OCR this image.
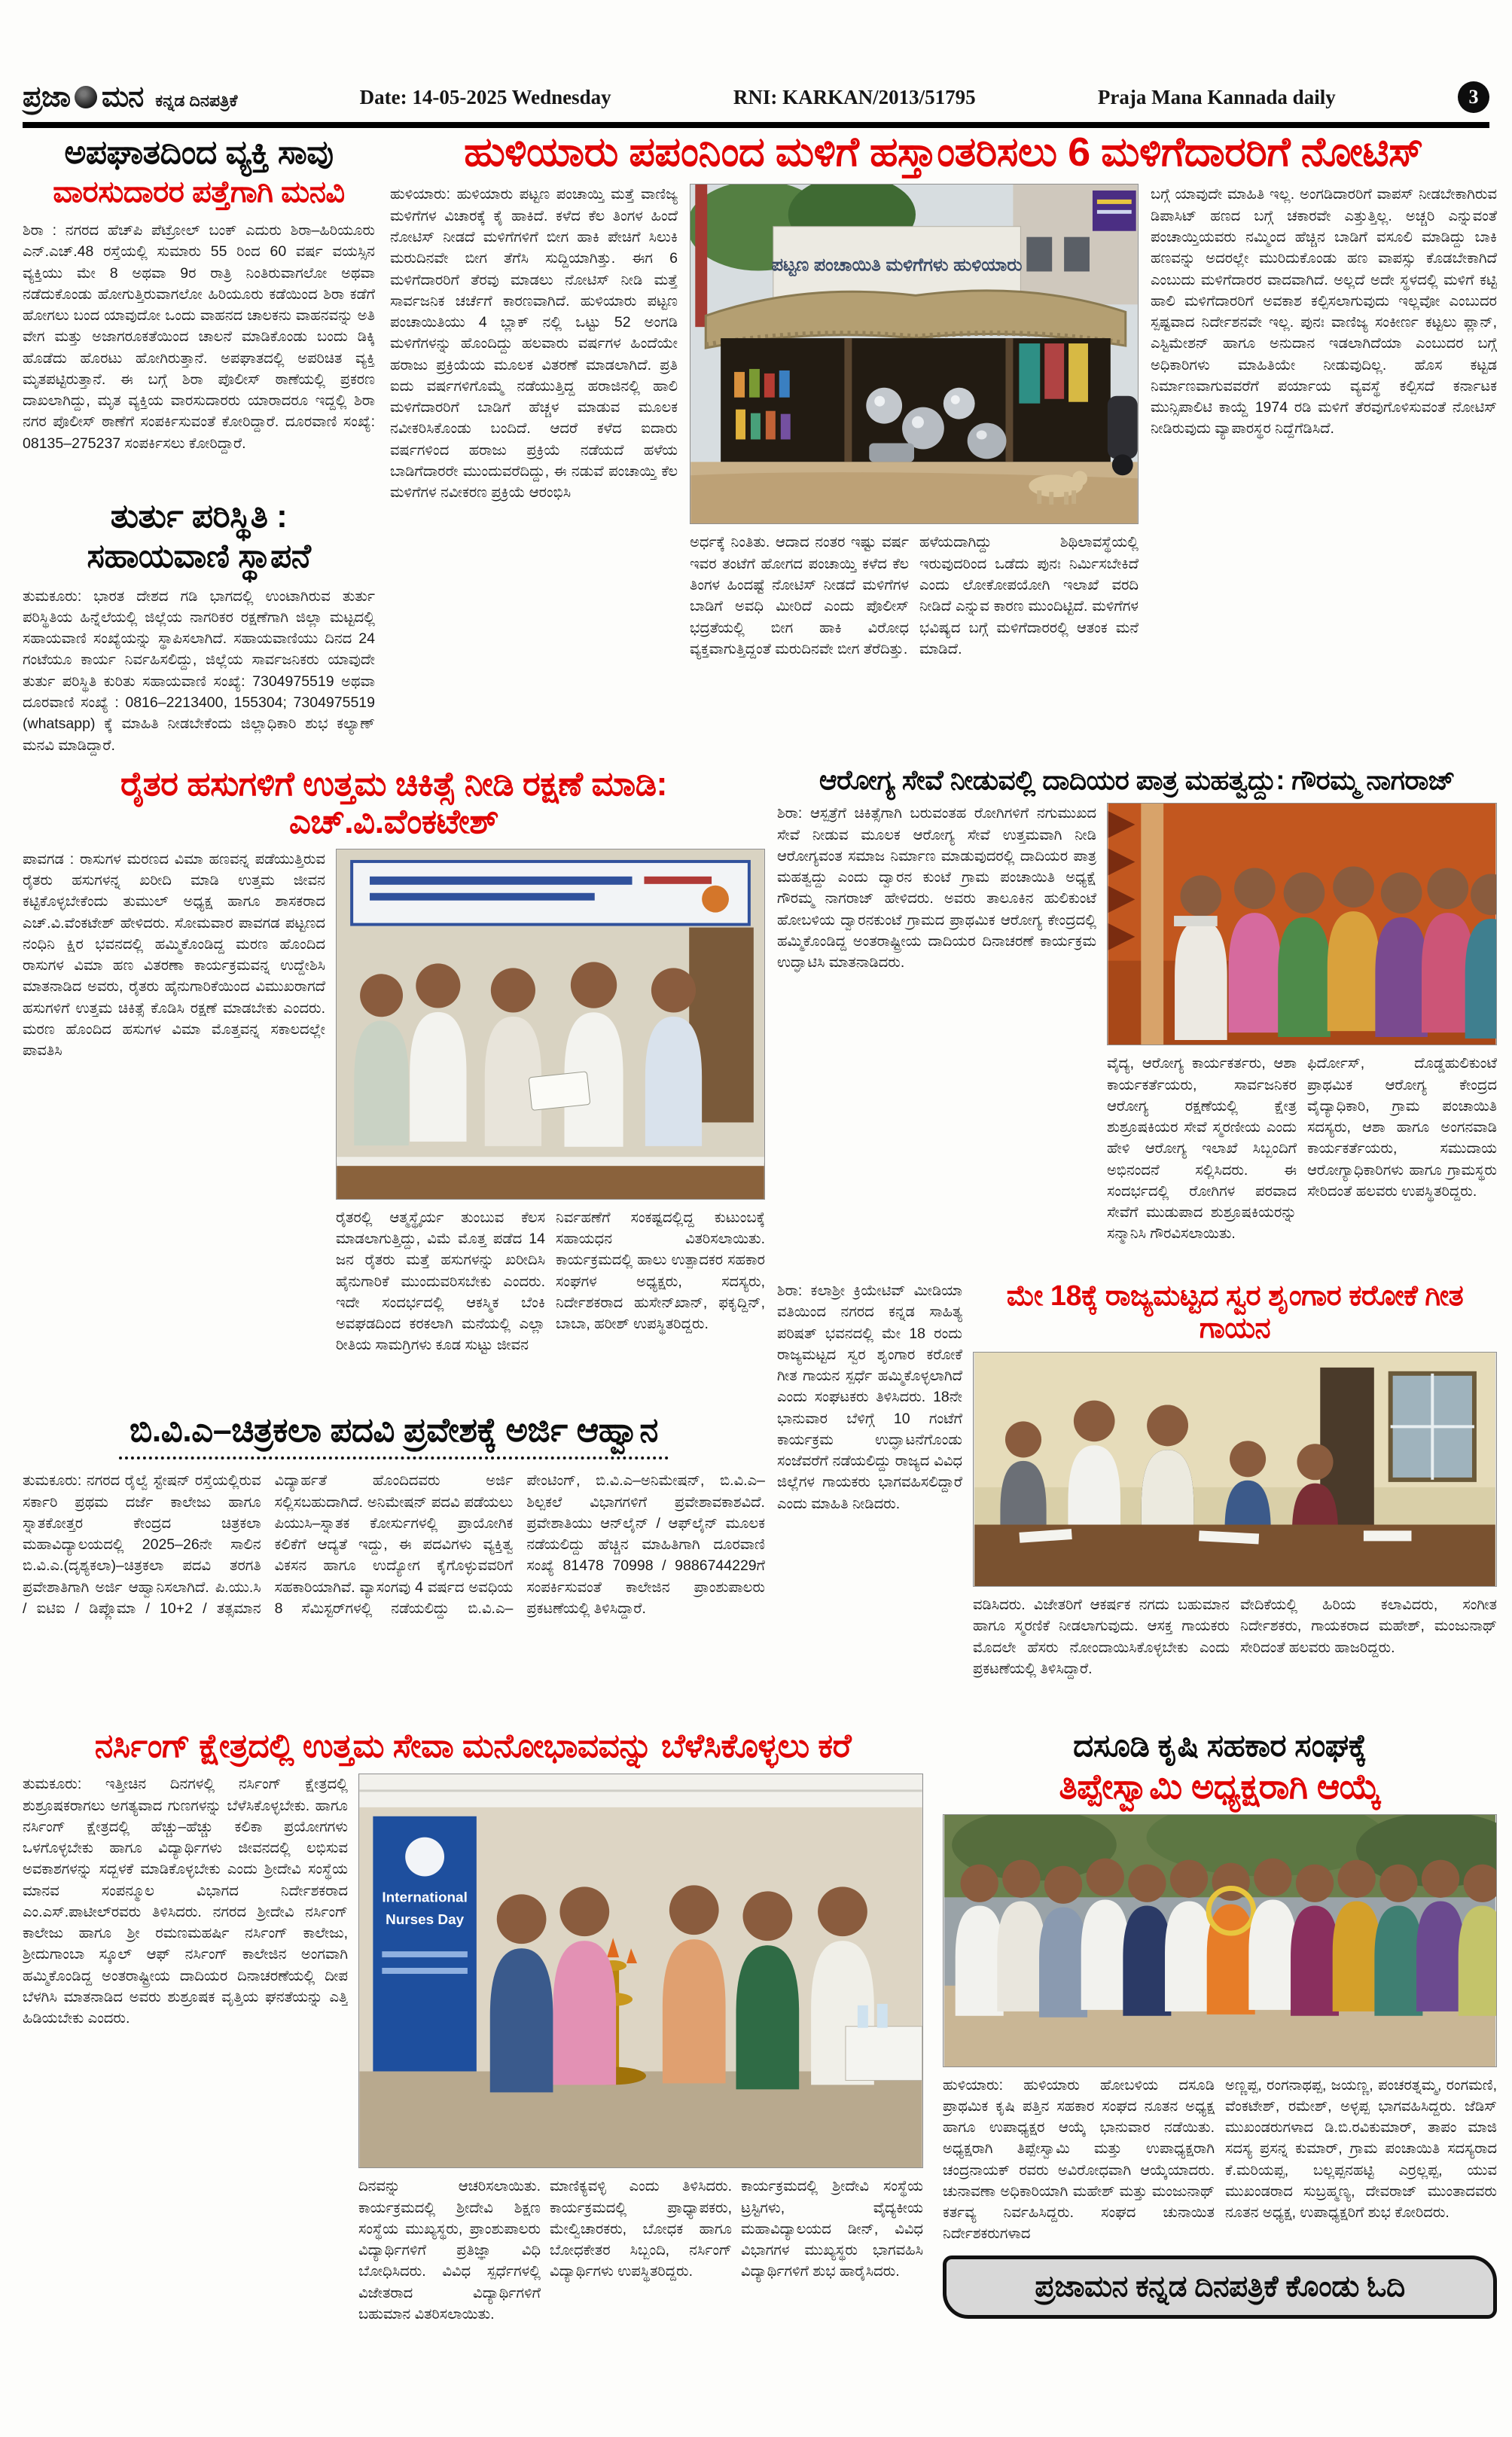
ಪ್ರಜಾ ಮನ ಕನ್ನಡ ದಿನಪತ್ರಿಕೆ	Date: 14-05-2025 Wednesday	RNI: KARKAN/2013/51795	Praja Mana Kannada daily	3
ಅಪಘಾತದಿಂದ ವ್ಯಕ್ತಿ ಸಾವು
ವಾರಸುದಾರರ ಪತ್ತೆಗಾಗಿ ಮನವಿ

ಶಿರಾ : ನಗರದ ಹೆಚ್‌ಪಿ ಪೆಟ್ರೋಲ್ ಬಂಕ್ ಎದುರು ಶಿರಾ–ಹಿರಿಯೂರು ಎನ್.ಎಚ್.48 ರಸ್ತೆಯಲ್ಲಿ ಸುಮಾರು 55 ರಿಂದ 60 ವರ್ಷ ವಯಸ್ಸಿನ ವ್ಯಕ್ತಿಯು ಮೇ 8 ಅಥವಾ 9ರ ರಾತ್ರಿ ನಿಂತಿರುವಾಗಲೋ ಅಥವಾ ನಡೆದುಕೊಂಡು ಹೋಗುತ್ತಿರುವಾಗಲೋ ಹಿರಿಯೂರು ಕಡೆಯಿಂದ ಶಿರಾ ಕಡೆಗೆ ಹೋಗಲು ಬಂದ ಯಾವುದೋ ಒಂದು ವಾಹನದ ಚಾಲಕನು ವಾಹನವನ್ನು ಅತಿ ವೇಗ ಮತ್ತು ಅಜಾಗರೂಕತೆಯಿಂದ ಚಾಲನೆ ಮಾಡಿಕೊಂಡು ಬಂದು ಡಿಕ್ಕಿ ಹೊಡೆದು ಹೊರಟು ಹೋಗಿರುತ್ತಾನೆ. ಅಪಘಾತದಲ್ಲಿ ಅಪರಿಚಿತ ವ್ಯಕ್ತಿ ಮೃತಪಟ್ಟಿರುತ್ತಾನೆ. ಈ ಬಗ್ಗೆ ಶಿರಾ ಪೊಲೀಸ್ ಠಾಣೆಯಲ್ಲಿ ಪ್ರಕರಣ ದಾಖಲಾಗಿದ್ದು, ಮೃತ ವ್ಯಕ್ತಿಯ ವಾರಸುದಾರರು ಯಾರಾದರೂ ಇದ್ದಲ್ಲಿ ಶಿರಾ ನಗರ ಪೊಲೀಸ್ ಠಾಣೆಗೆ ಸಂಪರ್ಕಿಸುವಂತೆ ಕೋರಿದ್ದಾರೆ. ದೂರವಾಣಿ ಸಂಖ್ಯೆ: 08135–275237 ಸಂಪರ್ಕಿಸಲು ಕೋರಿದ್ದಾರೆ.

ತುರ್ತು ಪರಿಸ್ಥಿತಿ :
ಸಹಾಯವಾಣಿ ಸ್ಥಾಪನೆ

ತುಮಕೂರು: ಭಾರತ ದೇಶದ ಗಡಿ ಭಾಗದಲ್ಲಿ ಉಂಟಾಗಿರುವ ತುರ್ತು ಪರಿಸ್ಥಿತಿಯ ಹಿನ್ನೆಲೆಯಲ್ಲಿ ಜಿಲ್ಲೆಯ ನಾಗರಿಕರ ರಕ್ಷಣೆಗಾಗಿ ಜಿಲ್ಲಾ ಮಟ್ಟದಲ್ಲಿ ಸಹಾಯವಾಣಿ ಸಂಖ್ಯೆಯನ್ನು ಸ್ಥಾಪಿಸಲಾಗಿದೆ. ಸಹಾಯವಾಣಿಯು ದಿನದ 24 ಗಂಟೆಯೂ ಕಾರ್ಯ ನಿರ್ವಹಿಸಲಿದ್ದು, ಜಿಲ್ಲೆಯ ಸಾರ್ವಜನಿಕರು ಯಾವುದೇ ತುರ್ತು ಪರಿಸ್ಥಿತಿ ಕುರಿತು ಸಹಾಯವಾಣಿ ಸಂಖ್ಯೆ: 7304975519 ಅಥವಾ ದೂರವಾಣಿ ಸಂಖ್ಯೆ : 0816–2213400, 155304; 7304975519 (whatsapp) ಕ್ಕೆ ಮಾಹಿತಿ ನೀಡಬೇಕೆಂದು ಜಿಲ್ಲಾಧಿಕಾರಿ ಶುಭ ಕಲ್ಯಾಣ್ ಮನವಿ ಮಾಡಿದ್ದಾರೆ.

ಹುಳಿಯಾರು ಪಪಂನಿಂದ ಮಳಿಗೆ ಹಸ್ತಾಂತರಿಸಲು 6 ಮಳಿಗೆದಾರರಿಗೆ ನೋಟಿಸ್

ಹುಳಿಯಾರು: ಹುಳಿಯಾರು ಪಟ್ಟಣ ಪಂಚಾಯ್ತಿ ಮತ್ತೆ ವಾಣಿಜ್ಯ ಮಳಿಗೆಗಳ ವಿಚಾರಕ್ಕೆ ಕೈ ಹಾಕಿದೆ. ಕಳೆದ ಕೆಲ ತಿಂಗಳ ಹಿಂದೆ ನೋಟಿಸ್ ನೀಡದೆ ಮಳಿಗೆಗಳಿಗೆ ಬೀಗ ಹಾಕಿ ಪೇಚಿಗೆ ಸಿಲುಕಿ ಮರುದಿನವೇ ಬೀಗ ತೆಗೆಸಿ ಸುದ್ದಿಯಾಗಿತ್ತು. ಈಗ 6 ಮಳಿಗೆದಾರರಿಗೆ ತೆರವು ಮಾಡಲು ನೋಟಿಸ್ ನೀಡಿ ಮತ್ತೆ ಸಾರ್ವಜನಿಕ ಚರ್ಚೆಗೆ ಕಾರಣವಾಗಿದೆ. ಹುಳಿಯಾರು ಪಟ್ಟಣ ಪಂಚಾಯಿತಿಯು 4 ಬ್ಲಾಕ್ ನಲ್ಲಿ ಒಟ್ಟು 52 ಅಂಗಡಿ ಮಳಿಗೆಗಳನ್ನು ಹೊಂದಿದ್ದು ಹಲವಾರು ವರ್ಷಗಳ ಹಿಂದೆಯೇ ಹರಾಜು ಪ್ರಕ್ರಿಯೆಯ ಮೂಲಕ ವಿತರಣೆ ಮಾಡಲಾಗಿದೆ. ಪ್ರತಿ ಐದು ವರ್ಷಗಳಿಗೊಮ್ಮೆ ನಡೆಯುತ್ತಿದ್ದ ಹರಾಜಿನಲ್ಲಿ ಹಾಲಿ ಮಳಿಗೆದಾರರಿಗೆ ಬಾಡಿಗೆ ಹೆಚ್ಚಳ ಮಾಡುವ ಮೂಲಕ ನವೀಕರಿಸಿಕೊಂಡು ಬಂದಿದೆ. ಆದರೆ ಕಳೆದ ಐದಾರು ವರ್ಷಗಳಿಂದ ಹರಾಜು ಪ್ರಕ್ರಿಯೆ ನಡೆಯದೆ ಹಳೆಯ ಬಾಡಿಗೆದಾರರೇ ಮುಂದುವರೆದಿದ್ದು, ಈ ನಡುವೆ ಪಂಚಾಯ್ತಿ ಕೆಲ ಮಳಿಗೆಗಳ ನವೀಕರಣ ಪ್ರಕ್ರಿಯೆ ಆರಂಭಿಸಿ

ಪಟ್ಟಣ ಪಂಚಾಯಿತಿ ಮಳಿಗೆಗಳು ಹುಳಿಯಾರು

ಅರ್ಧಕ್ಕೆ ನಿಂತಿತು. ಆದಾದ ನಂತರ ಇಷ್ಟು ವರ್ಷ ಇವರ ತಂಟೆಗೆ ಹೋಗದ ಪಂಚಾಯ್ತಿ ಕಳೆದ ಕೆಲ ತಿಂಗಳ ಹಿಂದಷ್ಟೆ ನೋಟಿಸ್ ನೀಡದೆ ಮಳಿಗೆಗಳ ಬಾಡಿಗೆ ಅವಧಿ ಮೀರಿದೆ ಎಂದು ಪೊಲೀಸ್ ಭದ್ರತೆಯಲ್ಲಿ ಬೀಗ ಹಾಕಿ ವಿರೋಧ ವ್ಯಕ್ತವಾಗುತ್ತಿದ್ದಂತೆ ಮರುದಿನವೇ ಬೀಗ ತೆರೆದಿತ್ತು.

ಹಳೆಯದಾಗಿದ್ದು ಶಿಥಿಲಾವಸ್ಥೆಯಲ್ಲಿ ಇರುವುದರಿಂದ ಒಡೆದು ಪುನಃ ನಿರ್ಮಿಸಬೇಕಿದೆ ಎಂದು ಲೋಕೋಪಯೋಗಿ ಇಲಾಖೆ ವರದಿ ನೀಡಿದೆ ಎನ್ನುವ ಕಾರಣ ಮುಂದಿಟ್ಟಿದೆ. ಮಳಿಗೆಗಳ ಭವಿಷ್ಯದ ಬಗ್ಗೆ ಮಳಿಗೆದಾರರಲ್ಲಿ ಆತಂಕ ಮನೆ ಮಾಡಿದೆ.

ಬಗ್ಗೆ ಯಾವುದೇ ಮಾಹಿತಿ ಇಲ್ಲ. ಅಂಗಡಿದಾರರಿಗೆ ವಾಪಸ್ ನೀಡಬೇಕಾಗಿರುವ ಡಿಪಾಸಿಟ್ ಹಣದ ಬಗ್ಗೆ ಚಕಾರವೇ ಎತ್ತುತ್ತಿಲ್ಲ. ಅಚ್ಚರಿ ಎನ್ನುವಂತೆ ಪಂಚಾಯ್ತಿಯವರು ನಮ್ಮಿಂದ ಹೆಚ್ಚಿನ ಬಾಡಿಗೆ ವಸೂಲಿ ಮಾಡಿದ್ದು ಬಾಕಿ ಹಣವನ್ನು ಅದರಲ್ಲೇ ಮುರಿದುಕೊಂಡು ಹಣ ವಾಪಸ್ಸು ಕೊಡಬೇಕಾಗಿದೆ ಎಂಬುದು ಮಳಿಗೆದಾರರ ವಾದವಾಗಿದೆ. ಅಲ್ಲದೆ ಅದೇ ಸ್ಥಳದಲ್ಲಿ ಮಳಿಗೆ ಕಟ್ಟಿ ಹಾಲಿ ಮಳಿಗೆದಾರರಿಗೆ ಅವಕಾಶ ಕಲ್ಪಿಸಲಾಗುವುದು ಇಲ್ಲವೋ ಎಂಬುದರ ಸ್ಪಷ್ಟವಾದ ನಿರ್ದೇಶನವೇ ಇಲ್ಲ. ಪುನಃ ವಾಣಿಜ್ಯ ಸಂಕೀರ್ಣ ಕಟ್ಟಲು ಪ್ಲಾನ್, ಎಸ್ಟಿಮೇಶನ್ ಹಾಗೂ ಅನುದಾನ ಇಡಲಾಗಿದೆಯಾ ಎಂಬುದರ ಬಗ್ಗೆ ಅಧಿಕಾರಿಗಳು ಮಾಹಿತಿಯೇ ನೀಡುವುದಿಲ್ಲ. ಹೊಸ ಕಟ್ಟಡ ನಿರ್ಮಾಣವಾಗುವವರೆಗೆ ಪರ್ಯಾಯ ವ್ಯವಸ್ಥೆ ಕಲ್ಪಿಸದೆ ಕರ್ನಾಟಕ ಮುನ್ಸಿಪಾಲಿಟಿ ಕಾಯ್ದೆ 1974 ರಡಿ ಮಳಿಗೆ ತೆರವುಗೊಳಿಸುವಂತೆ ನೋಟಿಸ್ ನೀಡಿರುವುದು ವ್ಯಾಪಾರಸ್ಥರ ನಿದ್ದೆಗೆಡಿಸಿದೆ.

ರೈತರ ಹಸುಗಳಿಗೆ ಉತ್ತಮ ಚಿಕಿತ್ಸೆ ನೀಡಿ ರಕ್ಷಣೆ ಮಾಡಿ: ಎಚ್.ವಿ.ವೆಂಕಟೇಶ್

ಪಾವಗಡ : ರಾಸುಗಳ ಮರಣದ ವಿಮಾ ಹಣವನ್ನ ಪಡೆಯುತ್ತಿರುವ ರೈತರು ಹಸುಗಳನ್ನ ಖರೀದಿ ಮಾಡಿ ಉತ್ತಮ ಜೀವನ ಕಟ್ಟಿಕೊಳ್ಳಬೇಕೆಂದು ತುಮುಲ್ ಅಧ್ಯಕ್ಷ ಹಾಗೂ ಶಾಸಕರಾದ ಎಚ್.ವಿ.ವೆಂಕಟೇಶ್ ಹೇಳಿದರು. ಸೋಮವಾರ ಪಾವಗಡ ಪಟ್ಟಣದ ನಂಧಿನಿ ಕ್ಷಿರ ಭವನದಲ್ಲಿ ಹಮ್ಮಿಕೊಂಡಿದ್ದ ಮರಣ ಹೊಂದಿದ ರಾಸುಗಳ ವಿಮಾ ಹಣ ವಿತರಣಾ ಕಾರ್ಯಕ್ರಮವನ್ನ ಉದ್ದೇಶಿಸಿ ಮಾತನಾಡಿದ ಅವರು, ರೈತರು ಹೈನುಗಾರಿಕೆಯಿಂದ ವಿಮುಖರಾಗದೆ ಹಸುಗಳಿಗೆ ಉತ್ತಮ ಚಿಕಿತ್ಸೆ ಕೊಡಿಸಿ ರಕ್ಷಣೆ ಮಾಡಬೇಕು ಎಂದರು. ಮರಣ ಹೊಂದಿದ ಹಸುಗಳ ವಿಮಾ ಮೊತ್ತವನ್ನ ಸಕಾಲದಲ್ಲೇ ಪಾವತಿಸಿ

ರೈತರಲ್ಲಿ ಆತ್ಮಸ್ಥೈರ್ಯ ತುಂಬುವ ಕೆಲಸ ಮಾಡಲಾಗುತ್ತಿದ್ದು, ವಿಮೆ ಮೊತ್ತ ಪಡೆದ 14 ಜನ ರೈತರು ಮತ್ತೆ ಹಸುಗಳನ್ನು ಖರೀದಿಸಿ ಹೈನುಗಾರಿಕೆ ಮುಂದುವರಿಸಬೇಕು ಎಂದರು. ಇದೇ ಸಂದರ್ಭದಲ್ಲಿ ಆಕಸ್ಮಿಕ ಬೆಂಕಿ ಅವಘಡದಿಂದ ಕರಕಲಾಗಿ ಮನೆಯಲ್ಲಿ ಎಲ್ಲಾ ರೀತಿಯ ಸಾಮಗ್ರಿಗಳು ಕೂಡ ಸುಟ್ಟು ಜೀವನ

ನಿರ್ವಹಣೆಗೆ ಸಂಕಷ್ಟದಲ್ಲಿದ್ದ ಕುಟುಂಬಕ್ಕೆ ಸಹಾಯಧನ ವಿತರಿಸಲಾಯಿತು. ಕಾರ್ಯಕ್ರಮದಲ್ಲಿ ಹಾಲು ಉತ್ಪಾದಕರ ಸಹಕಾರ ಸಂಘಗಳ ಅಧ್ಯಕ್ಷರು, ಸದಸ್ಯರು, ನಿರ್ದೇಶಕರಾದ ಹುಸೇನ್‌ಖಾನ್, ಫಕೃದ್ದಿನ್, ಬಾಬಾ, ಹರೀಶ್ ಉಪಸ್ಥಿತರಿದ್ದರು.

ಆರೋಗ್ಯ ಸೇವೆ ನೀಡುವಲ್ಲಿ ದಾದಿಯರ ಪಾತ್ರ ಮಹತ್ವದ್ದು: ಗೌರ‍ಮ್ಮ ನಾಗರಾಜ್

ಶಿರಾ: ಆಸ್ಪತ್ರೆಗೆ ಚಿಕಿತ್ಸೆಗಾಗಿ ಬರುವಂತಹ ರೋಗಿಗಳಿಗೆ ನಗುಮುಖದ ಸೇವೆ ನೀಡುವ ಮೂಲಕ ಆರೋಗ್ಯ ಸೇವೆ ಉತ್ತಮವಾಗಿ ನೀಡಿ ಆರೋಗ್ಯವಂತ ಸಮಾಜ ನಿರ್ಮಾಣ ಮಾಡುವುದರಲ್ಲಿ ದಾದಿಯರ ಪಾತ್ರ ಮಹತ್ವದ್ದು ಎಂದು ದ್ವಾರನ ಕುಂಟೆ ಗ್ರಾಮ ಪಂಚಾಯಿತಿ ಅಧ್ಯಕ್ಷೆ ಗೌರ‍ಮ್ಮ ನಾಗರಾಜ್ ಹೇಳಿದರು. ಅವರು ತಾಲೂಕಿನ ಹುಲಿಕುಂಟೆ ಹೋಬಳಿಯ ದ್ವಾರನಕುಂಟೆ ಗ್ರಾಮದ ಪ್ರಾಥಮಿಕ ಆರೋಗ್ಯ ಕೇಂದ್ರದಲ್ಲಿ ಹಮ್ಮಿಕೊಂಡಿದ್ದ ಅಂತರಾಷ್ಟ್ರೀಯ ದಾದಿಯರ ದಿನಾಚರಣೆ ಕಾರ್ಯಕ್ರಮ ಉದ್ಘಾಟಿಸಿ ಮಾತನಾಡಿದರು.

ವೈದ್ಯ, ಆರೋಗ್ಯ ಕಾರ್ಯಕರ್ತರು, ಆಶಾ ಕಾರ್ಯಕರ್ತೆಯರು, ಸಾರ್ವಜನಿಕರ ಆರೋಗ್ಯ ರಕ್ಷಣೆಯಲ್ಲಿ ಕ್ಷೇತ್ರ ಶುಶ್ರೂಷಕಿಯರ ಸೇವೆ ಸ್ಮರಣೀಯ ಎಂದು ಹೇಳಿ ಆರೋಗ್ಯ ಇಲಾಖೆ ಸಿಬ್ಬಂದಿಗೆ ಅಭಿನಂದನೆ ಸಲ್ಲಿಸಿದರು. ಈ ಸಂದರ್ಭದಲ್ಲಿ ರೋಗಿಗಳ ಪರವಾದ ಸೇವೆಗೆ ಮುಡುಪಾದ ಶುಶ್ರೂಷಕಿಯರನ್ನು ಸನ್ಮಾನಿಸಿ ಗೌರವಿಸಲಾಯಿತು.

ಫಿರ್ದೋಸ್, ದೊಡ್ಡಹುಲಿಕುಂಟೆ ಪ್ರಾಥಮಿಕ ಆರೋಗ್ಯ ಕೇಂದ್ರದ ವೈದ್ಯಾಧಿಕಾರಿ, ಗ್ರಾಮ ಪಂಚಾಯಿತಿ ಸದಸ್ಯರು, ಆಶಾ ಹಾಗೂ ಅಂಗನವಾಡಿ ಕಾರ್ಯಕರ್ತೆಯರು, ಸಮುದಾಯ ಆರೋಗ್ಯಾಧಿಕಾರಿಗಳು ಹಾಗೂ ಗ್ರಾಮಸ್ಥರು ಸೇರಿದಂತೆ ಹಲವರು ಉಪಸ್ಥಿತರಿದ್ದರು.

ಶಿರಾ: ಕಲಾಶ್ರೀ ಕ್ರಿಯೇಟಿವ್ ಮೀಡಿಯಾ ವತಿಯಿಂದ ನಗರದ ಕನ್ನಡ ಸಾಹಿತ್ಯ ಪರಿಷತ್ ಭವನದಲ್ಲಿ ಮೇ 18 ರಂದು ರಾಜ್ಯಮಟ್ಟದ ಸ್ವರ ಶೃಂಗಾರ ಕರೋಕೆ ಗೀತ ಗಾಯನ ಸ್ಪರ್ಧೆ ಹಮ್ಮಿಕೊಳ್ಳಲಾಗಿದೆ ಎಂದು ಸಂಘಟಕರು ತಿಳಿಸಿದರು. 18ನೇ ಭಾನುವಾರ ಬೆಳಿಗ್ಗೆ 10 ಗಂಟೆಗೆ ಕಾರ್ಯಕ್ರಮ ಉದ್ಘಾಟನೆಗೊಂಡು ಸಂಜೆವರೆಗೆ ನಡೆಯಲಿದ್ದು ರಾಜ್ಯದ ವಿವಿಧ ಜಿಲ್ಲೆಗಳ ಗಾಯಕರು ಭಾಗವಹಿಸಲಿದ್ದಾರೆ ಎಂದು ಮಾಹಿತಿ ನೀಡಿದರು.

ಮೇ 18ಕ್ಕೆ ರಾಜ್ಯಮಟ್ಟದ ಸ್ವರ ಶೃಂಗಾರ ಕರೋಕೆ ಗೀತ ಗಾಯನ

ವಡಿಸಿದರು. ವಿಜೇತರಿಗೆ ಆಕರ್ಷಕ ನಗದು ಬಹುಮಾನ ಹಾಗೂ ಸ್ಮರಣಿಕೆ ನೀಡಲಾಗುವುದು. ಆಸಕ್ತ ಗಾಯಕರು ಮೊದಲೇ ಹೆಸರು ನೋಂದಾಯಿಸಿಕೊಳ್ಳಬೇಕು ಎಂದು ಪ್ರಕಟಣೆಯಲ್ಲಿ ತಿಳಿಸಿದ್ದಾರೆ.

ವೇದಿಕೆಯಲ್ಲಿ ಹಿರಿಯ ಕಲಾವಿದರು, ಸಂಗೀತ ನಿರ್ದೇಶಕರು, ಗಾಯಕರಾದ ಮಹೇಶ್, ಮಂಜುನಾಥ್ ಸೇರಿದಂತೆ ಹಲವರು ಹಾಜರಿದ್ದರು.

ಬಿ.ವಿ.ಎ–ಚಿತ್ರಕಲಾ ಪದವಿ ಪ್ರವೇಶಕ್ಕೆ ಅರ್ಜಿ ಆಹ್ವಾನ

ತುಮಕೂರು: ನಗರದ ರೈಲ್ವೆ ಸ್ಟೇಷನ್ ರಸ್ತೆಯಲ್ಲಿರುವ ಸರ್ಕಾರಿ ಪ್ರಥಮ ದರ್ಜೆ ಕಾಲೇಜು ಹಾಗೂ ಸ್ನಾತಕೋತ್ತರ ಕೇಂದ್ರದ ಚಿತ್ರಕಲಾ ಮಹಾವಿದ್ಯಾಲಯದಲ್ಲಿ 2025–26ನೇ ಸಾಲಿನ ಬಿ.ವಿ.ಎ.(ದೃಶ್ಯಕಲಾ)–ಚಿತ್ರಕಲಾ ಪದವಿ ತರಗತಿ ಪ್ರವೇಶಾತಿಗಾಗಿ ಅರ್ಜಿ ಆಹ್ವಾನಿಸಲಾಗಿದೆ. ಪಿ.ಯು.ಸಿ / ಐಟಿಐ / ಡಿಪ್ಲೊಮಾ / 10+2 / ತತ್ಸಮಾನ ವಿದ್ಯಾರ್ಹತೆ ಹೊಂದಿದವರು ಅರ್ಜಿ ಸಲ್ಲಿಸಬಹುದಾಗಿದೆ. ಅನಿಮೇಷನ್ ಪದವಿ ಪಡೆಯಲು ಪಿಯುಸಿ–ಸ್ನಾತಕ ಕೋರ್ಸುಗಳಲ್ಲಿ ಪ್ರಾಯೋಗಿಕ ಕಲಿಕೆಗೆ ಆದ್ಯತೆ ಇದ್ದು, ಈ ಪದವಿಗಳು ವ್ಯಕ್ತಿತ್ವ ವಿಕಸನ ಹಾಗೂ ಉದ್ಯೋಗ ಕೈಗೊಳ್ಳುವವರಿಗೆ ಸಹಕಾರಿಯಾಗಿವೆ. ವ್ಯಾಸಂಗವು 4 ವರ್ಷದ ಅವಧಿಯ 8 ಸೆಮಿಸ್ಟರ್‌ಗಳಲ್ಲಿ ನಡೆಯಲಿದ್ದು ಬಿ.ವಿ.ಎ–ಪೇಂಟಿಂಗ್, ಬಿ.ವಿ.ಎ–ಅನಿಮೇಷನ್, ಬಿ.ವಿ.ಎ–ಶಿಲ್ಪಕಲೆ ವಿಭಾಗಗಳಿಗೆ ಪ್ರವೇಶಾವಕಾಶವಿದೆ. ಪ್ರವೇಶಾತಿಯು ಆನ್‌ಲೈನ್ / ಆಫ್‌ಲೈನ್ ಮೂಲಕ ನಡೆಯಲಿದ್ದು ಹೆಚ್ಚಿನ ಮಾಹಿತಿಗಾಗಿ ದೂರವಾಣಿ ಸಂಖ್ಯೆ 81478 70998 / 9886744229ಗೆ ಸಂಪರ್ಕಿಸುವಂತೆ ಕಾಲೇಜಿನ ಪ್ರಾಂಶುಪಾಲರು ಪ್ರಕಟಣೆಯಲ್ಲಿ ತಿಳಿಸಿದ್ದಾರೆ.

ನರ್ಸಿಂಗ್ ಕ್ಷೇತ್ರದಲ್ಲಿ ಉತ್ತಮ ಸೇವಾ ಮನೋಭಾವವನ್ನು ಬೆಳೆಸಿಕೊಳ್ಳಲು ಕರೆ

ತುಮಕೂರು: ಇತ್ತೀಚಿನ ದಿನಗಳಲ್ಲಿ ನರ್ಸಿಂಗ್ ಕ್ಷೇತ್ರದಲ್ಲಿ ಶುಶ್ರೂಷಕರಾಗಲು ಅಗತ್ಯವಾದ ಗುಣಗಳನ್ನು ಬೆಳೆಸಿಕೊಳ್ಳಬೇಕು. ಹಾಗೂ ನರ್ಸಿಂಗ್ ಕ್ಷೇತ್ರದಲ್ಲಿ ಹೆಚ್ಚು–ಹೆಚ್ಚು ಕಲಿಕಾ ಪ್ರಯೋಗಗಳು ಒಳಗೊಳ್ಳಬೇಕು ಹಾಗೂ ವಿದ್ಯಾರ್ಥಿಗಳು ಜೀವನದಲ್ಲಿ ಲಭಿಸುವ ಅವಕಾಶಗಳನ್ನು ಸದ್ಬಳಕೆ ಮಾಡಿಕೊಳ್ಳಬೇಕು ಎಂದು ಶ್ರೀದೇವಿ ಸಂಸ್ಥೆಯ ಮಾನವ ಸಂಪನ್ಮೂಲ ವಿಭಾಗದ ನಿರ್ದೇಶಕರಾದ ಎಂ.ಎಸ್.ಪಾಟೀಲ್‌ರವರು ತಿಳಿಸಿದರು. ನಗರದ ಶ್ರೀದೇವಿ ನರ್ಸಿಂಗ್ ಕಾಲೇಜು ಹಾಗೂ ಶ್ರೀ ರಮಣಮಹರ್ಷಿ ನರ್ಸಿಂಗ್ ಕಾಲೇಜು, ಶ್ರೀದುಗಾಂಬಾ ಸ್ಕೂಲ್ ಆಫ್ ನರ್ಸಿಂಗ್ ಕಾಲೇಜಿನ ಅಂಗವಾಗಿ ಹಮ್ಮಿಕೊಂಡಿದ್ದ ಅಂತರಾಷ್ಟ್ರೀಯ ದಾದಿಯರ ದಿನಾಚರಣೆಯಲ್ಲಿ ದೀಪ ಬೆಳಗಿಸಿ ಮಾತನಾಡಿದ ಅವರು ಶುಶ್ರೂಷಕ ವೃತ್ತಿಯ ಘನತೆಯನ್ನು ಎತ್ತಿ ಹಿಡಿಯಬೇಕು ಎಂದರು.

International
Nurses Day

ದಿನವನ್ನು ಆಚರಿಸಲಾಯಿತು. ಕಾರ್ಯಕ್ರಮದಲ್ಲಿ ಶ್ರೀದೇವಿ ಶಿಕ್ಷಣ ಸಂಸ್ಥೆಯ ಮುಖ್ಯಸ್ಥರು, ಪ್ರಾಂಶುಪಾಲರು ವಿದ್ಯಾರ್ಥಿಗಳಿಗೆ ಪ್ರತಿಜ್ಞಾ ವಿಧಿ ಬೋಧಿಸಿದರು. ವಿವಿಧ ಸ್ಪರ್ಧೆಗಳಲ್ಲಿ ವಿಜೇತರಾದ ವಿದ್ಯಾರ್ಥಿಗಳಿಗೆ ಬಹುಮಾನ ವಿತರಿಸಲಾಯಿತು.

ಮಾಣಿಕ್ಯವಳ್ಳಿ ಎಂದು ತಿಳಿಸಿದರು. ಕಾರ್ಯಕ್ರಮದಲ್ಲಿ ಪ್ರಾಧ್ಯಾಪಕರು, ಮೇಲ್ವಿಚಾರಕರು, ಬೋಧಕ ಹಾಗೂ ಬೋಧಕೇತರ ಸಿಬ್ಬಂದಿ, ನರ್ಸಿಂಗ್ ವಿದ್ಯಾರ್ಥಿಗಳು ಉಪಸ್ಥಿತರಿದ್ದರು.

ಕಾರ್ಯಕ್ರಮದಲ್ಲಿ ಶ್ರೀದೇವಿ ಸಂಸ್ಥೆಯ ಟ್ರಸ್ಟಿಗಳು, ವೈದ್ಯಕೀಯ ಮಹಾವಿದ್ಯಾಲಯದ ಡೀನ್, ವಿವಿಧ ವಿಭಾಗಗಳ ಮುಖ್ಯಸ್ಥರು ಭಾಗವಹಿಸಿ ವಿದ್ಯಾರ್ಥಿಗಳಿಗೆ ಶುಭ ಹಾರೈಸಿದರು.

ದಸೂಡಿ ಕೃಷಿ ಸಹಕಾರ ಸಂಘಕ್ಕೆ
ತಿಪ್ಪೇಸ್ವಾಮಿ ಅಧ್ಯಕ್ಷರಾಗಿ ಆಯ್ಕೆ

ಹುಳಿಯಾರು: ಹುಳಿಯಾರು ಹೋಬಳಿಯ ದಸೂಡಿ ಪ್ರಾಥಮಿಕ ಕೃಷಿ ಪತ್ತಿನ ಸಹಕಾರ ಸಂಘದ ನೂತನ ಅಧ್ಯಕ್ಷ ಹಾಗೂ ಉಪಾಧ್ಯಕ್ಷರ ಆಯ್ಕೆ ಭಾನುವಾರ ನಡೆಯಿತು. ಅಧ್ಯಕ್ಷರಾಗಿ ತಿಪ್ಪೇಸ್ವಾಮಿ ಮತ್ತು ಉಪಾಧ್ಯಕ್ಷರಾಗಿ ಚಂದ್ರನಾಯಕ್ ರವರು ಅವಿರೋಧವಾಗಿ ಆಯ್ಕೆಯಾದರು. ಚುನಾವಣಾ ಅಧಿಕಾರಿಯಾಗಿ ಮಹೇಶ್ ಮತ್ತು ಮಂಜುನಾಥ್ ಕರ್ತವ್ಯ ನಿರ್ವಹಿಸಿದ್ದರು. ಸಂಘದ ಚುನಾಯಿತ ನಿರ್ದೇಶಕರುಗಳಾದ

ಅಣ್ಣಪ್ಪ, ರಂಗನಾಥಪ್ಪ, ಜಯಣ್ಣ, ಪಂಚರತ್ನಮ್ಮ, ರಂಗಮಣಿ, ವೆಂಕಟೇಶ್, ರಮೇಶ್, ಅಳ್ಳಪ್ಪ ಭಾಗವಹಿಸಿದ್ದರು. ಜೆಡಿಸ್ ಮುಖಂಡರುಗಳಾದ ಡಿ.ಬಿ.ರವಿಕುಮಾರ್, ತಾಪಂ ಮಾಜಿ ಸದಸ್ಯ ಪ್ರಸನ್ನ ಕುಮಾರ್, ಗ್ರಾಮ ಪಂಚಾಯಿತಿ ಸದಸ್ಯರಾದ ಕೆ.ಮರಿಯಪ್ಪ, ಬಲ್ಲಪ್ಪನಹಟ್ಟಿ ಎರ್ರಲ್ಲಪ್ಪ, ಯುವ ಮುಖಂಡರಾದ ಸುಬ್ರಹ್ಮಣ್ಯ, ದೇವರಾಜ್ ಮುಂತಾದವರು ನೂತನ ಅಧ್ಯಕ್ಷ, ಉಪಾಧ್ಯಕ್ಷರಿಗೆ ಶುಭ ಕೋರಿದರು.

ಪ್ರಜಾಮನ ಕನ್ನಡ ದಿನಪತ್ರಿಕೆ ಕೊಂಡು ಓದಿ
